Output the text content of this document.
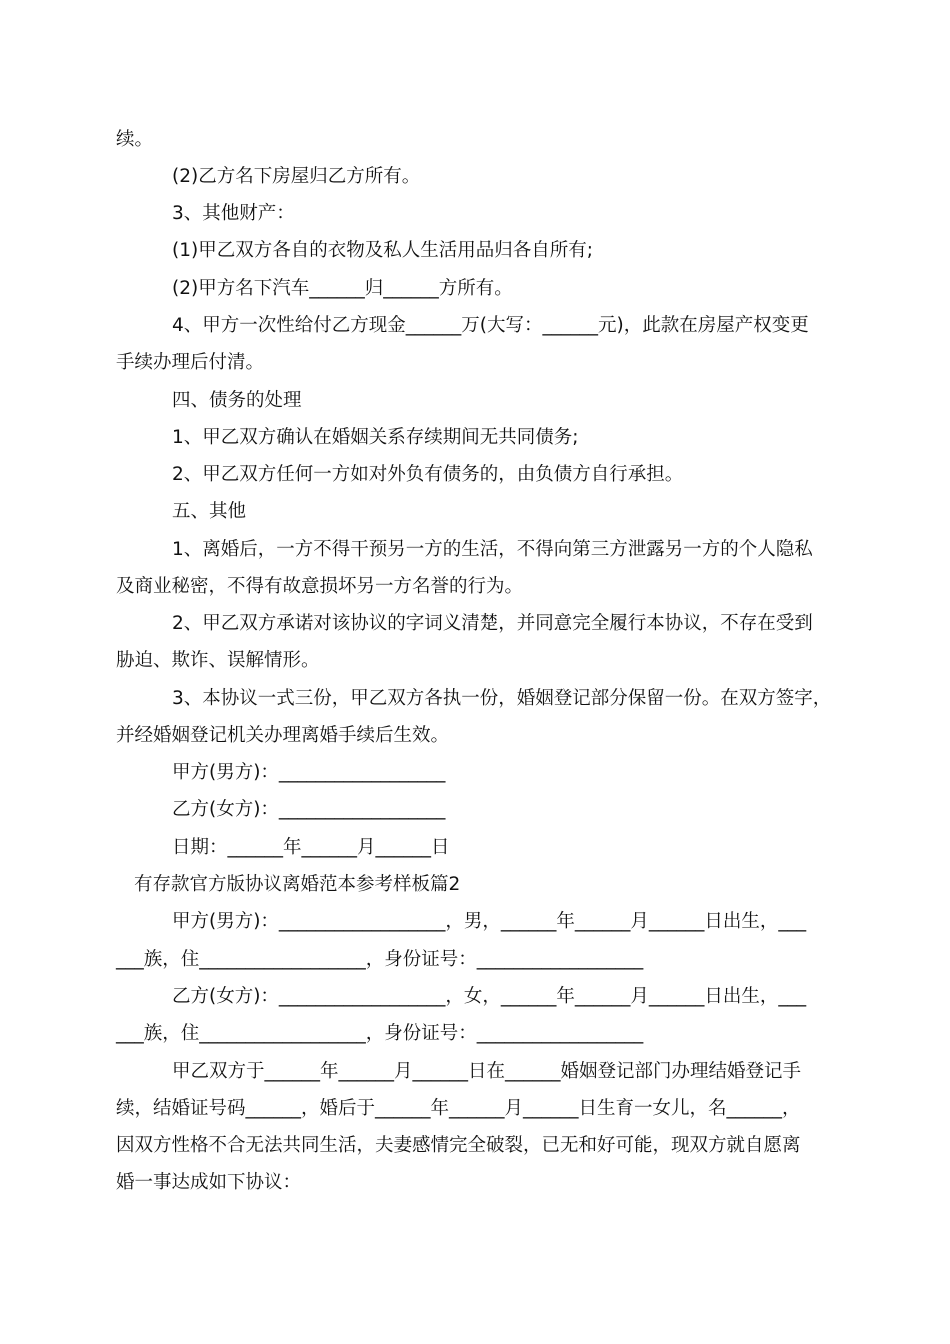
续。
(2)乙方名下房屋归乙方所有。
3、其他财产：
(1)甲乙双方各自的衣物及私人生活用品归各自所有;
(2)甲方名下汽车______归______方所有。
4、甲方一次性给付乙方现金______万(大写：______元)，此款在房屋产权变更
手续办理后付清。
四、债务的处理
1、甲乙双方确认在婚姻关系存续期间无共同债务;
2、甲乙双方任何一方如对外负有债务的，由负债方自行承担。
五、其他
1、离婚后，一方不得干预另一方的生活，不得向第三方泄露另一方的个人隐私
及商业秘密，不得有故意损坏另一方名誉的行为。
2、甲乙双方承诺对该协议的字词义清楚，并同意完全履行本协议，不存在受到
胁迫、欺诈、误解情形。
3、本协议一式三份，甲乙双方各执一份，婚姻登记部分保留一份。在双方签字，
并经婚姻登记机关办理离婚手续后生效。
甲方(男方)：__________________
乙方(女方)：__________________
日期：______年______月______日
有存款官方版协议离婚范本参考样板篇2
甲方(男方)：__________________，男，______年______月______日出生，___
___族，住__________________，身份证号：__________________
乙方(女方)：__________________，女，______年______月______日出生，___
___族，住__________________，身份证号：__________________
甲乙双方于______年______月______日在______婚姻登记部门办理结婚登记手
续，结婚证号码______，婚后于______年______月______日生育一女儿，名______，
因双方性格不合无法共同生活，夫妻感情完全破裂，已无和好可能，现双方就自愿离
婚一事达成如下协议：
